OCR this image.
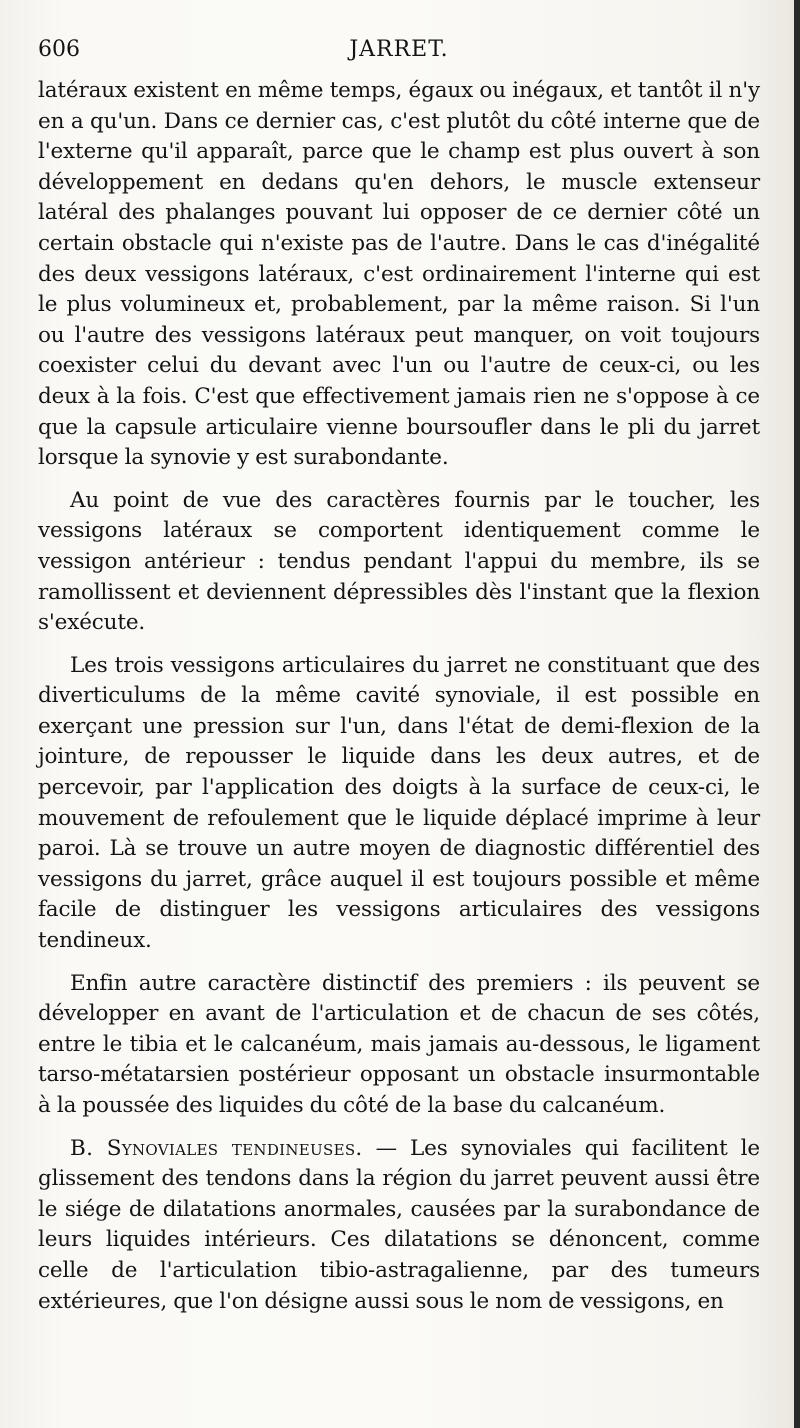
606	JARRET.

latéraux existent en même temps, égaux ou inégaux, et tantôt il n'y en a qu'un. Dans ce dernier cas, c'est plutôt du côté interne que de l'externe qu'il apparaît, parce que le champ est plus ouvert à son développement en dedans qu'en dehors, le muscle extenseur latéral des phalanges pouvant lui opposer de ce dernier côté un certain obstacle qui n'existe pas de l'autre. Dans le cas d'inégalité des deux vessigons latéraux, c'est ordinairement l'interne qui est le plus volumineux et, probablement, par la même raison. Si l'un ou l'autre des vessigons latéraux peut manquer, on voit toujours coexister celui du devant avec l'un ou l'autre de ceux-ci, ou les deux à la fois. C'est que effectivement jamais rien ne s'oppose à ce que la capsule articulaire vienne boursoufler dans le pli du jarret lorsque la synovie y est surabondante.

Au point de vue des caractères fournis par le toucher, les vessigons latéraux se comportent identiquement comme le vessigon antérieur : tendus pendant l'appui du membre, ils se ramollissent et deviennent dépressibles dès l'instant que la flexion s'exécute.

Les trois vessigons articulaires du jarret ne constituant que des diverticulums de la même cavité synoviale, il est possible en exerçant une pression sur l'un, dans l'état de demi-flexion de la jointure, de repousser le liquide dans les deux autres, et de percevoir, par l'application des doigts à la surface de ceux-ci, le mouvement de refoulement que le liquide déplacé imprime à leur paroi. Là se trouve un autre moyen de diagnostic différentiel des vessigons du jarret, grâce auquel il est toujours possible et même facile de distinguer les vessigons articulaires des vessigons tendineux.

Enfin autre caractère distinctif des premiers : ils peuvent se développer en avant de l'articulation et de chacun de ses côtés, entre le tibia et le calcanéum, mais jamais au-dessous, le ligament tarso-métatarsien postérieur opposant un obstacle insurmontable à la poussée des liquides du côté de la base du calcanéum.

B. Synoviales tendineuses. — Les synoviales qui facilitent le glissement des tendons dans la région du jarret peuvent aussi être le siége de dilatations anormales, causées par la surabondance de leurs liquides intérieurs. Ces dilatations se dénoncent, comme celle de l'articulation tibio-astragalienne, par des tumeurs extérieures, que l'on désigne aussi sous le nom de vessigons, en
